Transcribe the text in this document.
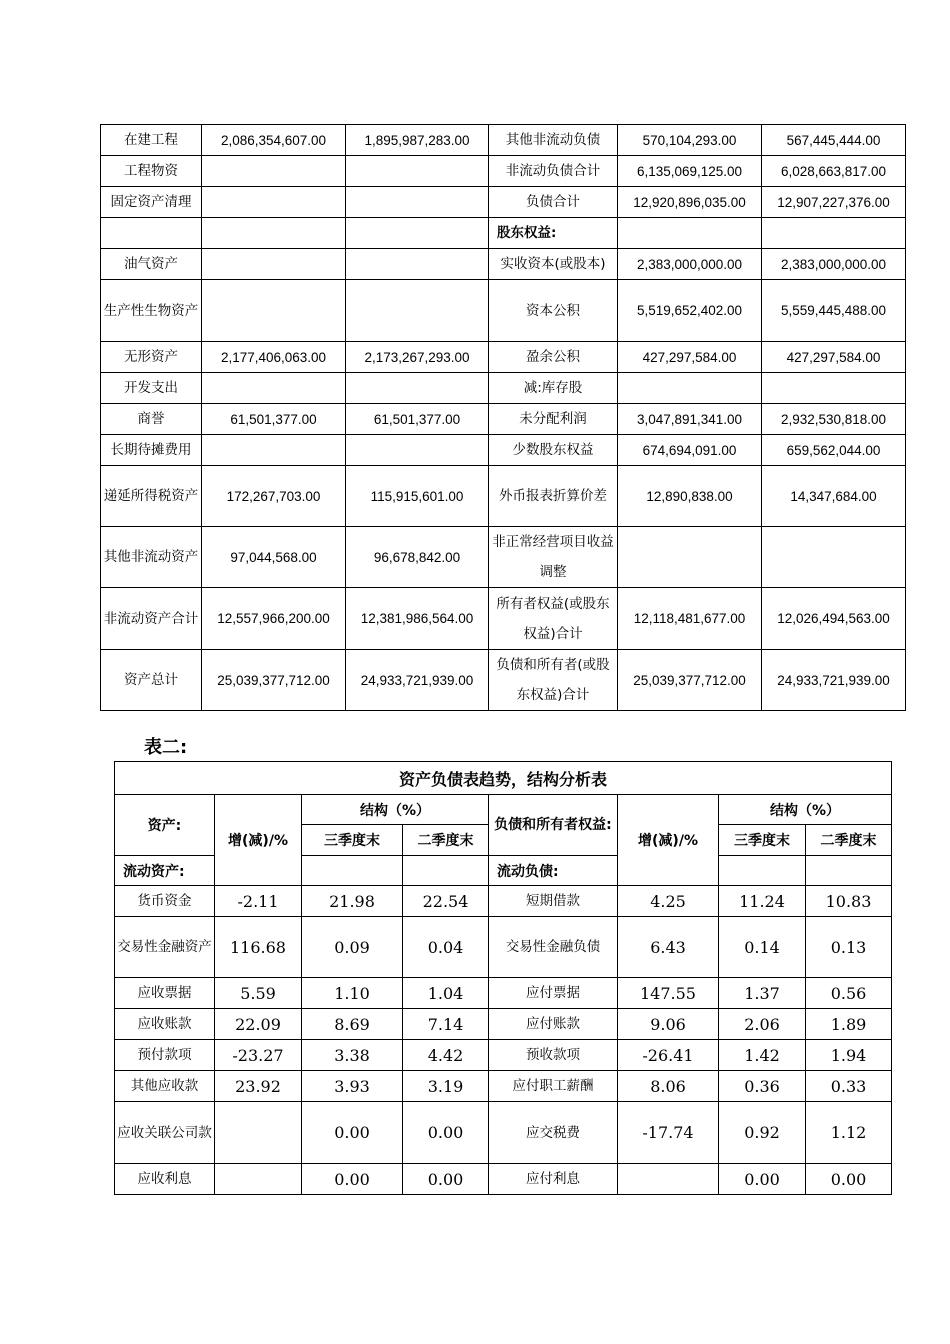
在建工程	2,086,354,607.00	1,895,987,283.00	其他非流动负债	570,104,293.00	567,445,444.00
工程物资			非流动负债合计	6,135,069,125.00	6,028,663,817.00
固定资产清理			负债合计	12,920,896,035.00	12,907,227,376.00
			股东权益:		
油气资产			实收资本(或股本)	2,383,000,000.00	2,383,000,000.00
生产性生物资产			资本公积	5,519,652,402.00	5,559,445,488.00
无形资产	2,177,406,063.00	2,173,267,293.00	盈余公积	427,297,584.00	427,297,584.00
开发支出			减:库存股		
商誉	61,501,377.00	61,501,377.00	未分配利润	3,047,891,341.00	2,932,530,818.00
长期待摊费用			少数股东权益	674,694,091.00	659,562,044.00
递延所得税资产	172,267,703.00	115,915,601.00	外币报表折算价差	12,890,838.00	14,347,684.00
其他非流动资产	97,044,568.00	96,678,842.00	非正常经营项目收益调整		
非流动资产合计	12,557,966,200.00	12,381,986,564.00	所有者权益(或股东权益)合计	12,118,481,677.00	12,026,494,563.00
资产总计	25,039,377,712.00	24,933,721,939.00	负债和所有者(或股东权益)合计	25,039,377,712.00	24,933,721,939.00
表二:
资产负债表趋势，结构分析表							
资产:	增(减)/%	结构（%）		负债和所有者权益:	增(减)/%	结构（%）	
		三季度末	二季度末			三季度末	二季度末
流动资产:				流动负债:			
货币资金	-2.11	21.98	22.54	短期借款	4.25	11.24	10.83
交易性金融资产	116.68	0.09	0.04	交易性金融负债	6.43	0.14	0.13
应收票据	5.59	1.10	1.04	应付票据	147.55	1.37	0.56
应收账款	22.09	8.69	7.14	应付账款	9.06	2.06	1.89
预付款项	-23.27	3.38	4.42	预收款项	-26.41	1.42	1.94
其他应收款	23.92	3.93	3.19	应付职工薪酬	8.06	0.36	0.33
应收关联公司款		0.00	0.00	应交税费	-17.74	0.92	1.12
应收利息		0.00	0.00	应付利息		0.00	0.00
